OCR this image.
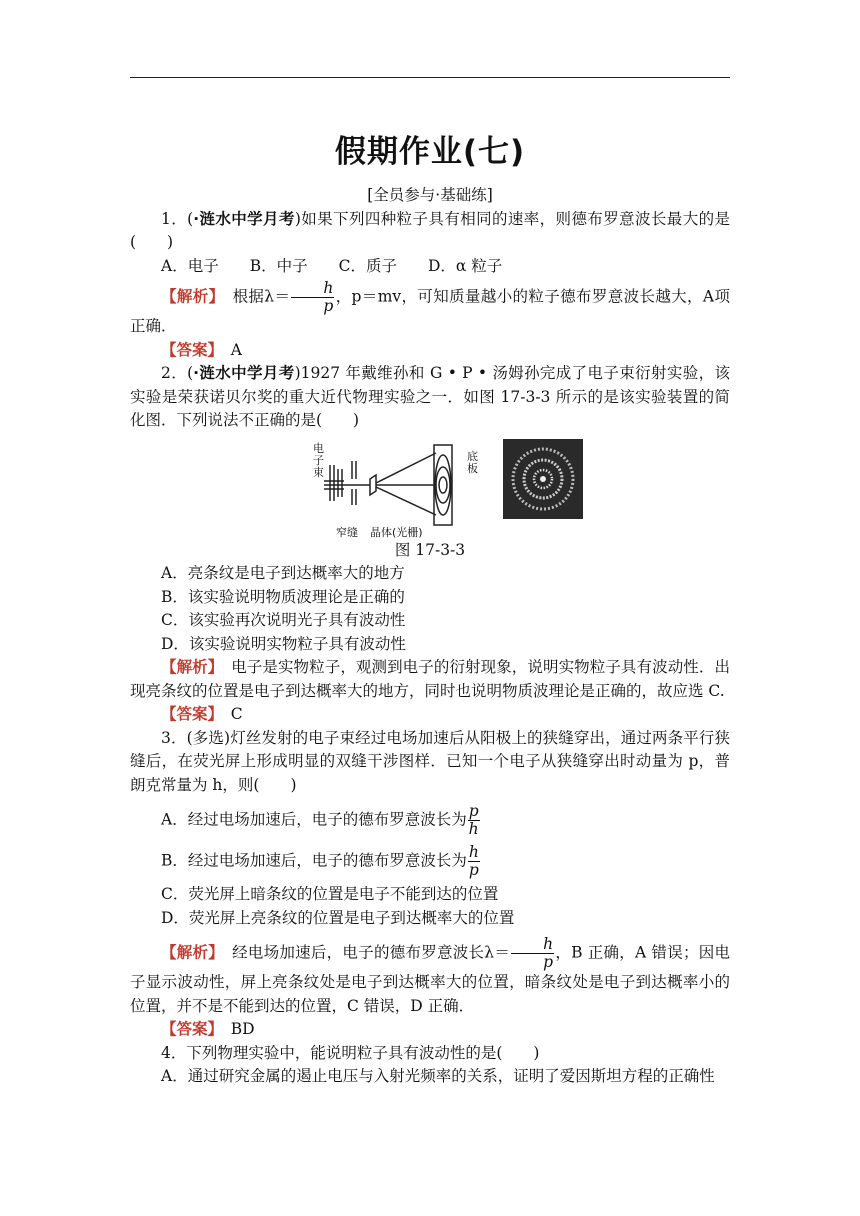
假期作业(七)
[全员参与·基础练]

1．(·涟水中学月考)如果下列四种粒子具有相同的速率，则德布罗意波长最大的是(　　)

A．电子　　B．中子　　C．质子　　D．α 粒子

【解析】　根据$\lambda= \frac{h}{p}$ ，p＝mv，可知质量越小的粒子德布罗意波长越大，A项正确．

【答案】　A

2．(·涟水中学月考)1927 年戴维孙和 G • P • 汤姆孙完成了电子束衍射实验，该实验是荣获诺贝尔奖的重大近代物理实验之一．如图 17-3-3 所示的是该实验装置的简化图．下列说法不正确的是(　　)

电子束
底板
窄缝 晶体(光栅)

图 17-3-3

A．亮条纹是电子到达概率大的地方

B．该实验说明物质波理论是正确的

C．该实验再次说明光子具有波动性

D．该实验说明实物粒子具有波动性

【解析】　电子是实物粒子，观测到电子的衍射现象，说明实物粒子具有波动性．出现亮条纹的位置是电子到达概率大的地方，同时也说明物质波理论是正确的，故应选 C.

【答案】　C

3．(多选)灯丝发射的电子束经过电场加速后从阳极上的狭缝穿出，通过两条平行狭缝后，在荧光屏上形成明显的双缝干涉图样．已知一个电子从狭缝穿出时动量为 p，普朗克常量为 h，则(　　)

A．经过电场加速后，电子的德布罗意波长为 $\frac{p}{h}$

B．经过电场加速后，电子的德布罗意波长为 $\frac{h}{p}$

C．荧光屏上暗条纹的位置是电子不能到达的位置

D．荧光屏上亮条纹的位置是电子到达概率大的位置

【解析】　经电场加速后，电子的德布罗意波长$\lambda= \frac{h}{p}$ ，B 正确，A 错误；因电子显示波动性，屏上亮条纹处是电子到达概率大的位置，暗条纹处是电子到达概率小的位置，并不是不能到达的位置，C 错误，D 正确．

【答案】　BD

4．下列物理实验中，能说明粒子具有波动性的是(　　)

A．通过研究金属的遏止电压与入射光频率的关系，证明了爱因斯坦方程的正确性
